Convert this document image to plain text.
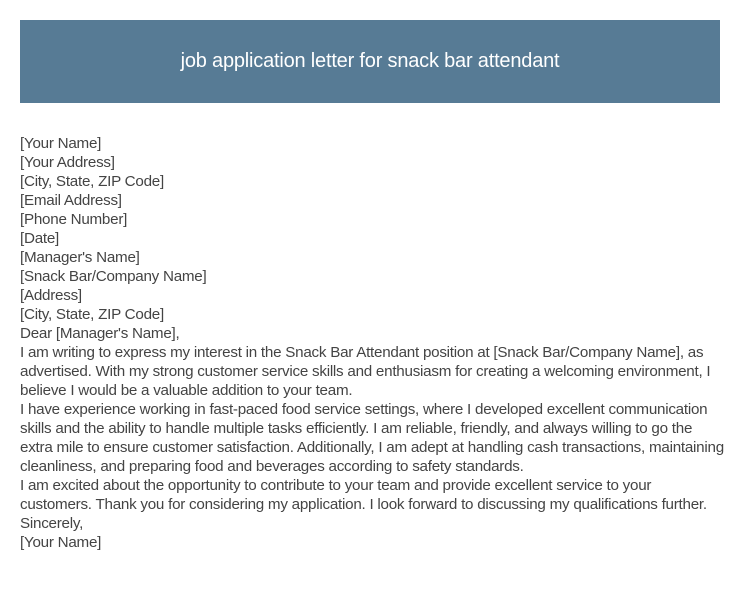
job application letter for snack bar attendant

[Your Name]

[Your Address]

[City, State, ZIP Code]

[Email Address]

[Phone Number]

[Date]

[Manager's Name]

[Snack Bar/Company Name]

[Address]

[City, State, ZIP Code]

Dear [Manager's Name],

I am writing to express my interest in the Snack Bar Attendant position at [Snack Bar/Company Name], as advertised. With my strong customer service skills and enthusiasm for creating a welcoming environment, I believe I would be a valuable addition to your team.

I have experience working in fast-paced food service settings, where I developed excellent communication skills and the ability to handle multiple tasks efficiently. I am reliable, friendly, and always willing to go the extra mile to ensure customer satisfaction. Additionally, I am adept at handling cash transactions, maintaining cleanliness, and preparing food and beverages according to safety standards.

I am excited about the opportunity to contribute to your team and provide excellent service to your customers. Thank you for considering my application. I look forward to discussing my qualifications further.

Sincerely,

[Your Name]
